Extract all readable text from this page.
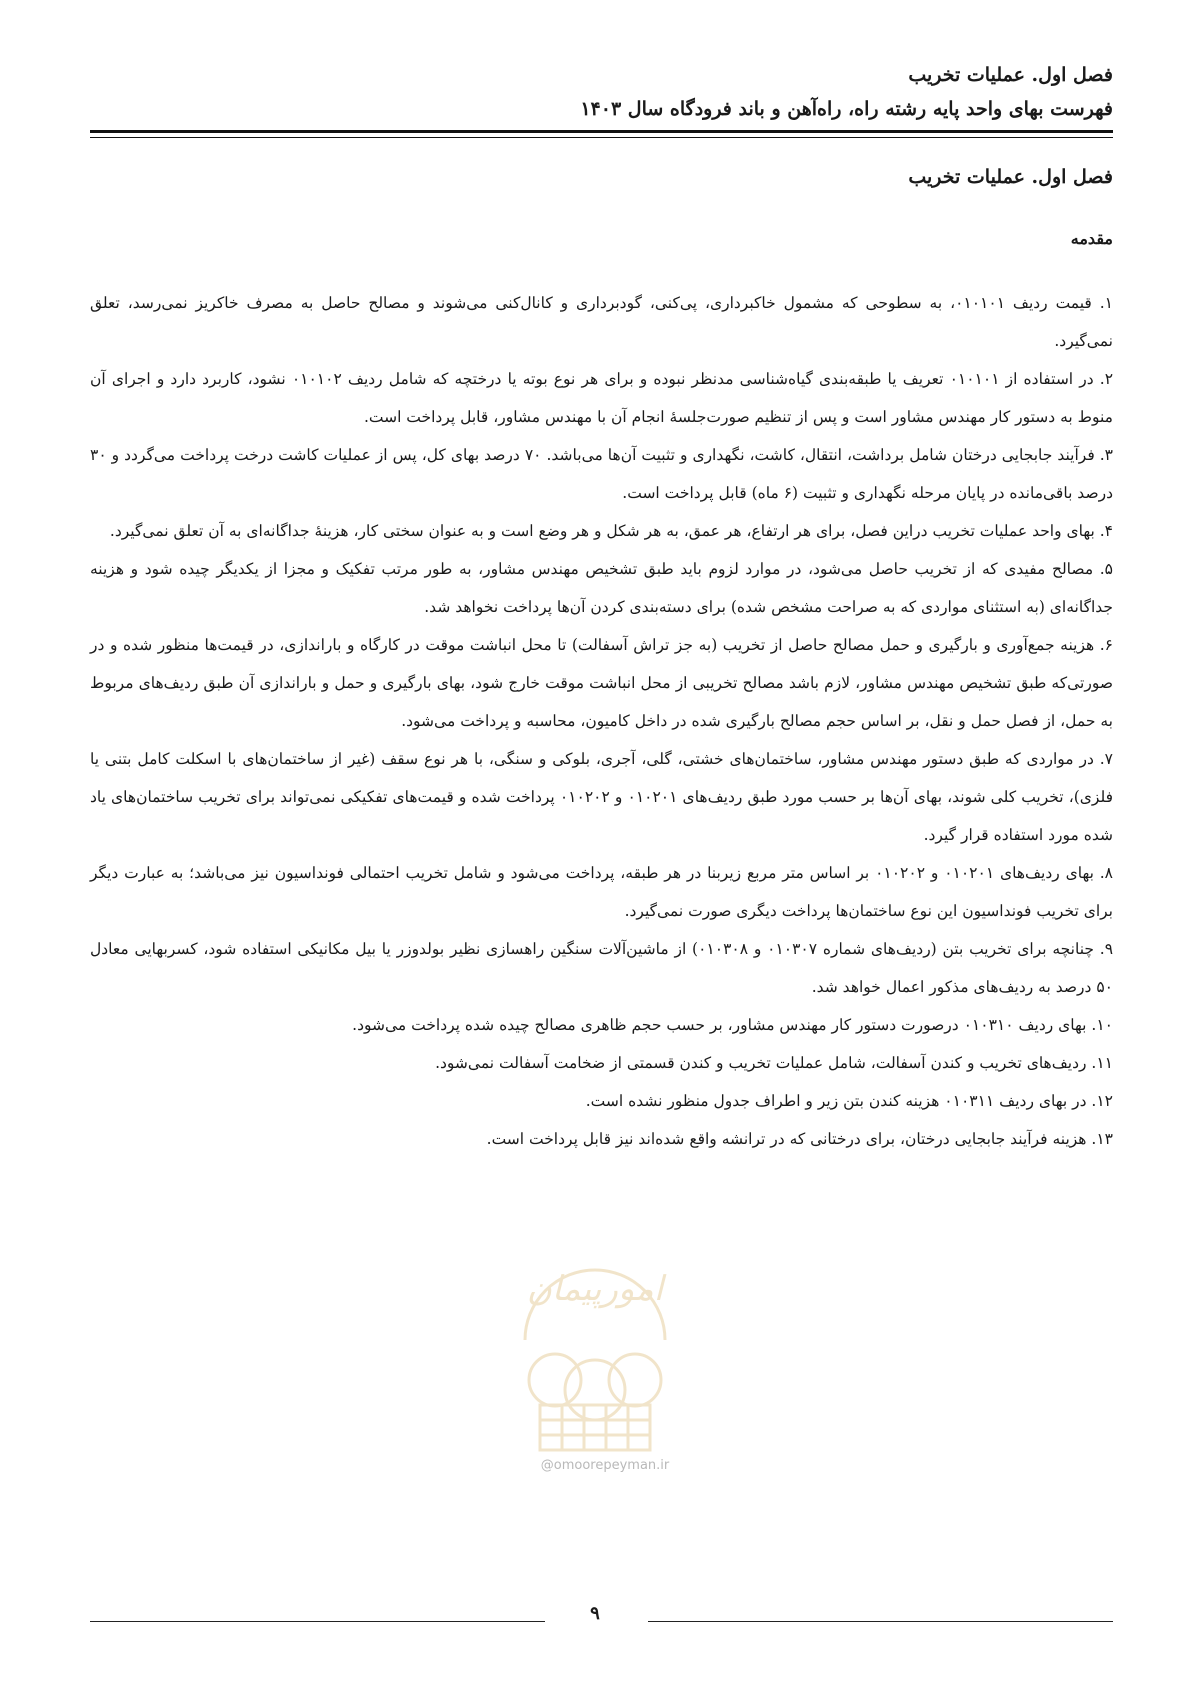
فصل اول. عملیات تخریب
فهرست بهای واحد پایه رشته راه، راه‌آهن و باند فرودگاه سال ۱۴۰۳
فصل اول. عملیات تخریب
مقدمه

۱. قیمت ردیف ۰۱۰۱۰۱، به سطوحی که مشمول خاکبرداری، پی‌کنی، گودبرداری و کانال‌کنی می‌شوند و مصالح حاصل به مصرف خاکریز نمی‌رسد، تعلق نمی‌گیرد.

۲. در استفاده از ۰۱۰۱۰۱ تعریف یا طبقه‌بندی گیاه‌شناسی مدنظر نبوده و برای هر نوع بوته یا درختچه که شامل ردیف ۰۱۰۱۰۲ نشود، کاربرد دارد و اجرای آن منوط به دستور کار مهندس مشاور است و پس از تنظیم صورت‌جلسهٔ انجام آن با مهندس مشاور، قابل پرداخت است.

۳. فرآیند جابجایی درختان شامل برداشت، انتقال، کاشت، نگهداری و تثبیت آن‌ها می‌باشد. ۷۰ درصد بهای کل، پس از عملیات کاشت درخت پرداخت می‌گردد و ۳۰ درصد باقی‌مانده در پایان مرحله نگهداری و تثبیت (۶ ماه) قابل پرداخت است.

۴. بهای واحد عملیات تخریب دراین فصل، برای هر ارتفاع، هر عمق، به هر شکل و هر وضع است و به عنوان سختی کار، هزینهٔ جداگانه‌ای به آن تعلق نمی‌گیرد.

۵. مصالح مفیدی که از تخریب حاصل می‌شود، در موارد لزوم باید طبق تشخیص مهندس مشاور، به طور مرتب تفکیک و مجزا از یکدیگر چیده شود و هزینه جداگانه‌ای (به استثنای مواردی که به صراحت مشخص شده) برای دسته‌بندی کردن آن‌ها پرداخت نخواهد شد.

۶. هزینه جمع‌آوری و بارگیری و حمل مصالح حاصل از تخریب (به جز تراش آسفالت) تا محل انباشت موقت در کارگاه و باراندازی، در قیمت‌ها منظور شده و در صورتی‌که طبق تشخیص مهندس مشاور، لازم باشد مصالح تخریبی از محل انباشت موقت خارج شود، بهای بارگیری و حمل و باراندازی آن طبق ردیف‌های مربوط به حمل، از فصل حمل و نقل، بر اساس حجم مصالح بارگیری شده در داخل کامیون، محاسبه و پرداخت می‌شود.

۷. در مواردی که طبق دستور مهندس مشاور، ساختمان‌های خشتی، گلی، آجری، بلوکی و سنگی، با هر نوع سقف (غیر از ساختمان‌های با اسکلت کامل بتنی یا فلزی)، تخریب کلی شوند، بهای آن‌ها بر حسب مورد طبق ردیف‌های ۰۱۰۲۰۱ و ۰۱۰۲۰۲ پرداخت شده و قیمت‌های تفکیکی نمی‌تواند برای تخریب ساختمان‌های یاد شده مورد استفاده قرار گیرد.

۸. بهای ردیف‌های ۰۱۰۲۰۱ و ۰۱۰۲۰۲ بر اساس متر مربع زیربنا در هر طبقه، پرداخت می‌شود و شامل تخریب احتمالی فونداسیون نیز می‌باشد؛ به عبارت دیگر برای تخریب فونداسیون این نوع ساختمان‌ها پرداخت دیگری صورت نمی‌گیرد.

۹. چنانچه برای تخریب بتن (ردیف‌های شماره ۰۱۰۳۰۷ و ۰۱۰۳۰۸) از ماشین‌آلات سنگین راهسازی نظیر بولدوزر یا بیل مکانیکی استفاده شود، کسربهایی معادل ۵۰ درصد به ردیف‌های مذکور اعمال خواهد شد.

۱۰. بهای ردیف ۰۱۰۳۱۰ درصورت دستور کار مهندس مشاور، بر حسب حجم ظاهری مصالح چیده شده پرداخت می‌شود.

۱۱. ردیف‌های تخریب و کندن آسفالت، شامل عملیات تخریب و کندن قسمتی از ضخامت آسفالت نمی‌شود.

۱۲. در بهای ردیف ۰۱۰۳۱۱ هزینه کندن بتن زیر و اطراف جدول منظور نشده است.

۱۳. هزینه فرآیند جابجایی درختان، برای درختانی که در ترانشه واقع شده‌اند نیز قابل پرداخت است.

امورپیمان
@omoorepeyman.ir
۹
